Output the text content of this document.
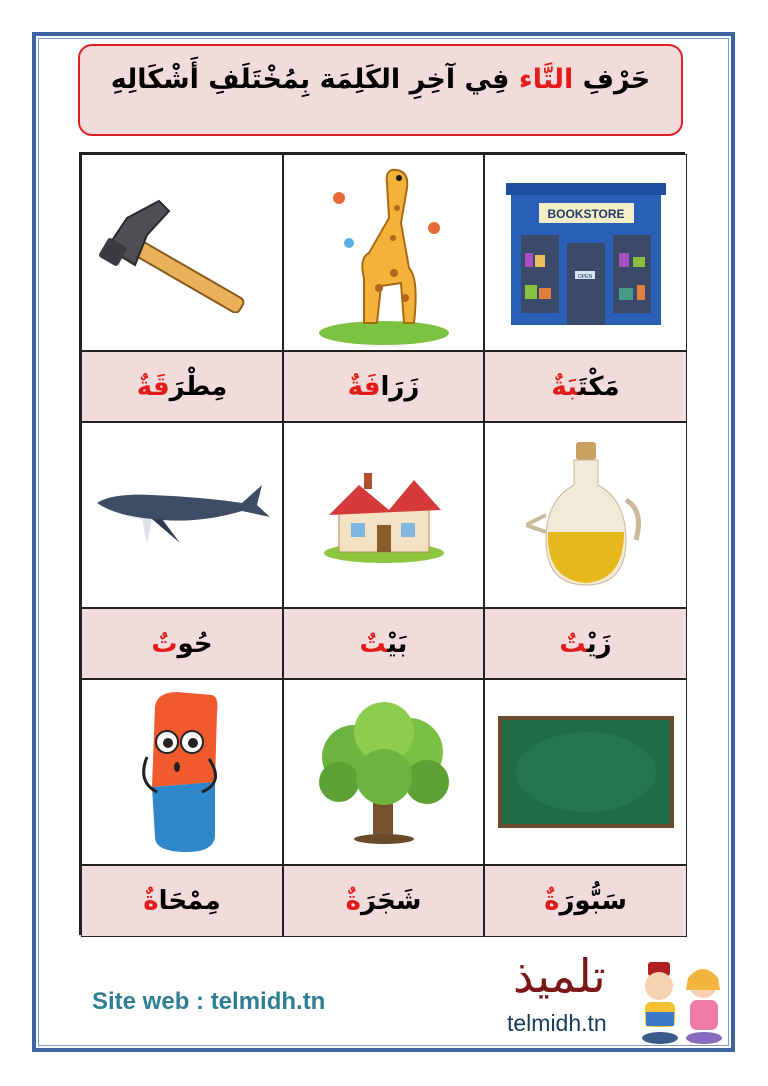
حَرْفِ التَّاء فِي آخِرِ الكَلِمَة بِمُخْتَلَفِ أَشْكَالِهِ
BOOKSTORE
OPEN
مِطْرَقَةٌ	زَرَافَةٌ	مَكْتَبَةٌ
حُوتٌ	بَيْتٌ	زَيْتٌ
مِمْحَاةٌ	شَجَرَةٌ	سَبُّورَةٌ
Site web : telmidh.tn	تلميذ
telmidh.tn
